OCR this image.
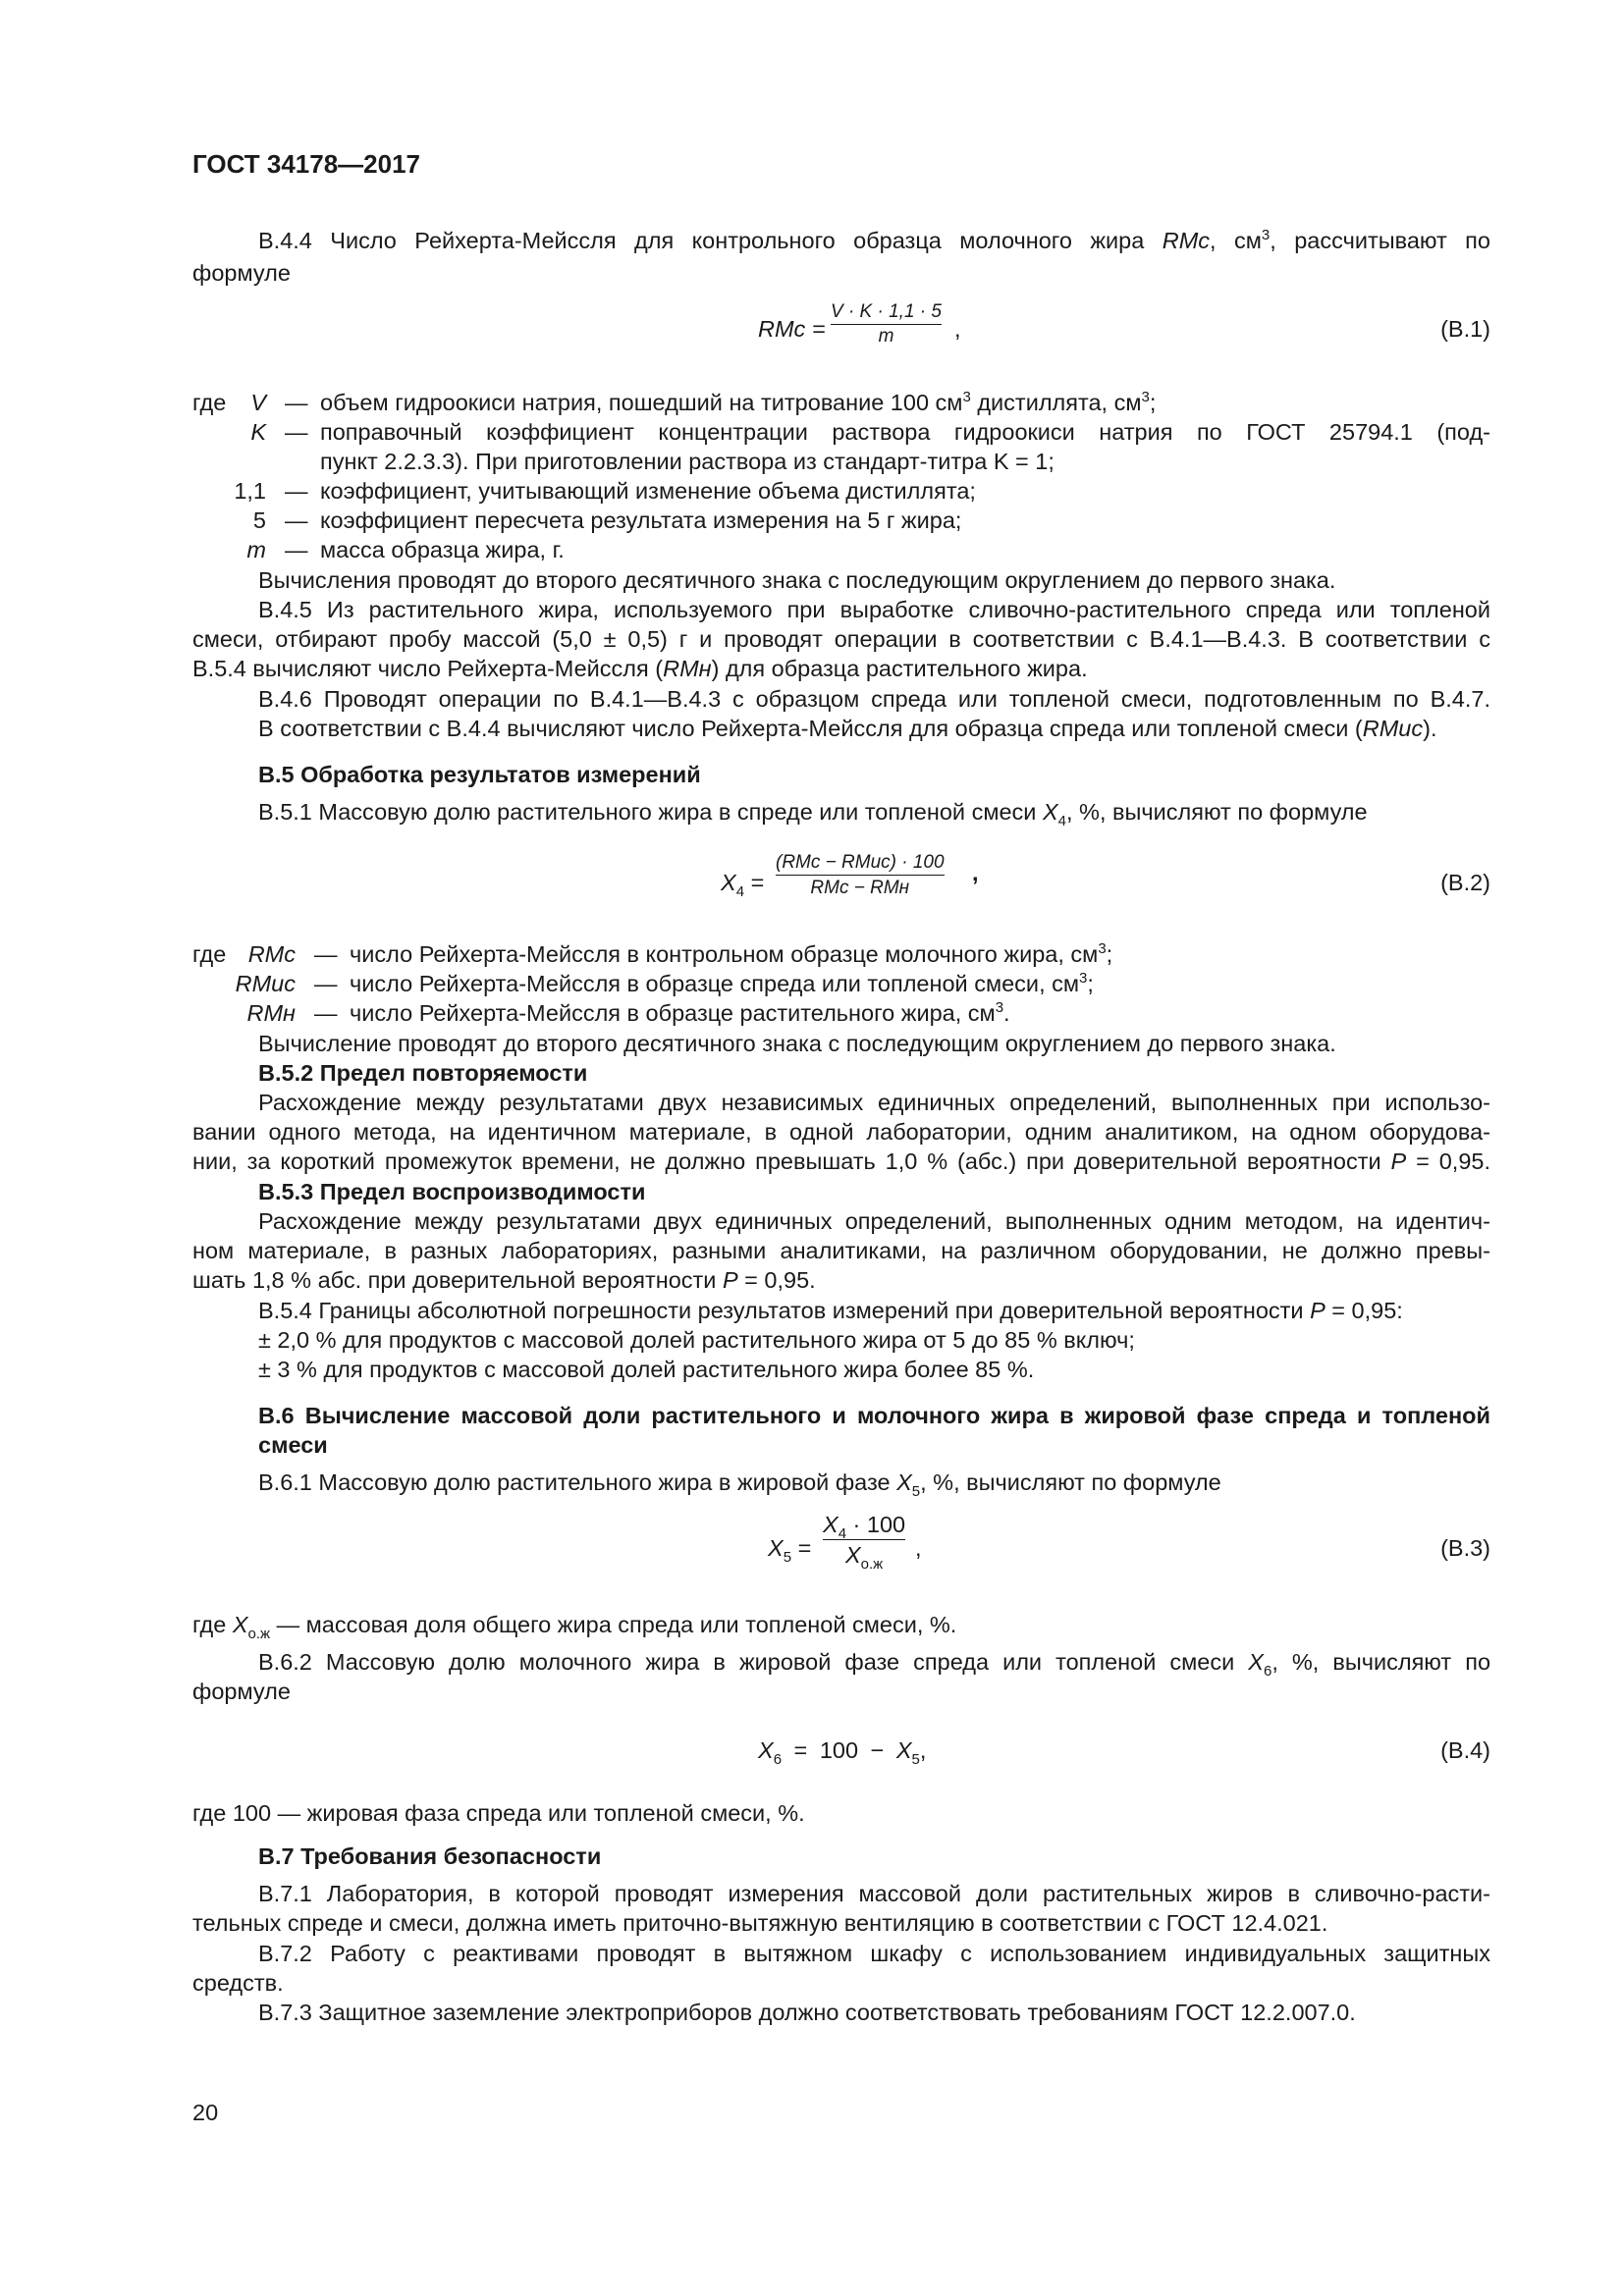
ГОСТ 34178—2017
В.4.4 Число Рейхерта-Мейссля для контрольного образца молочного жира RMc, $см^3$, рассчитывают по
формуле
RMc =
V · K · 1,1 · 5
m	,	(В.1)
где V — объем гидроокиси натрия, пошедший на титрование 100 $см^3$ дистиллята, $см^3$;
K — поправочный коэффициент концентрации раствора гидроокиси натрия по ГОСТ 25794.1 (под-
пункт 2.2.3.3). При приготовлении раствора из стандарт-титра K = 1;
1,1 — коэффициент, учитывающий изменение объема дистиллята;
5 — коэффициент пересчета результата измерения на 5 г жира;
m — масса образца жира, г.
Вычисления проводят до второго десятичного знака с последующим округлением до первого знака.
В.4.5 Из растительного жира, используемого при выработке сливочно-растительного спреда или топленой
смеси, отбирают пробу массой (5,0 ± 0,5) г и проводят операции в соответствии с В.4.1—В.4.3. В соответствии с
В.5.4 вычисляют число Рейхерта-Мейссля (RMн) для образца растительного жира.
В.4.6 Проводят операции по В.4.1—В.4.3 с образцом спреда или топленой смеси, подготовленным по В.4.7.
В соответствии с В.4.4 вычисляют число Рейхерта-Мейссля для образца спреда или топленой смеси (RMиc).
В.5 Обработка результатов измерений
В.5.1 Массовую долю растительного жира в спреде или топленой смеси $X_4$, %, вычисляют по формуле
$X_4$ =
(RMc − RMиc) · 100
RMc − RMн
,	(В.2)
где RMc — число Рейхерта-Мейссля в контрольном образце молочного жира, $см^3$;
RMиc — число Рейхерта-Мейссля в образце спреда или топленой смеси, $см^3$;
RMн — число Рейхерта-Мейссля в образце растительного жира, $см^3$.
Вычисление проводят до второго десятичного знака с последующим округлением до первого знака.
В.5.2 Предел повторяемости
Расхождение между результатами двух независимых единичных определений, выполненных при использо-
вании одного метода, на идентичном материале, в одной лаборатории, одним аналитиком, на одном оборудова-
нии, за короткий промежуток времени, не должно превышать 1,0 % (абс.) при доверительной вероятности P = 0,95.
В.5.3 Предел воспроизводимости
Расхождение между результатами двух единичных определений, выполненных одним методом, на идентич-
ном материале, в разных лабораториях, разными аналитиками, на различном оборудовании, не должно превы-
шать 1,8 % абс. при доверительной вероятности P = 0,95.
В.5.4 Границы абсолютной погрешности результатов измерений при доверительной вероятности P = 0,95:
± 2,0 % для продуктов с массовой долей растительного жира от 5 до 85 % включ;
± 3 % для продуктов с массовой долей растительного жира более 85 %.
В.6 Вычисление массовой доли растительного и молочного жира в жировой фазе спреда и топленой
смеси
В.6.1 Массовую долю растительного жира в жировой фазе $X_5$, %, вычисляют по формуле
$X_5$ =
$X_4 \cdot 100$
$X_{о.ж}$
,	(В.3)
где $X_{о.ж}$ — массовая доля общего жира спреда или топленой смеси, %.
В.6.2 Массовую долю молочного жира в жировой фазе спреда или топленой смеси $X_6$, %, вычисляют по
формуле
$X_6 = 100 - X_5$,	(В.4)
где 100 — жировая фаза спреда или топленой смеси, %.
В.7 Требования безопасности
В.7.1 Лаборатория, в которой проводят измерения массовой доли растительных жиров в сливочно-расти-
тельных спреде и смеси, должна иметь приточно-вытяжную вентиляцию в соответствии с ГОСТ 12.4.021.
В.7.2 Работу с реактивами проводят в вытяжном шкафу с использованием индивидуальных защитных
средств.
В.7.3 Защитное заземление электроприборов должно соответствовать требованиям ГОСТ 12.2.007.0.
20
